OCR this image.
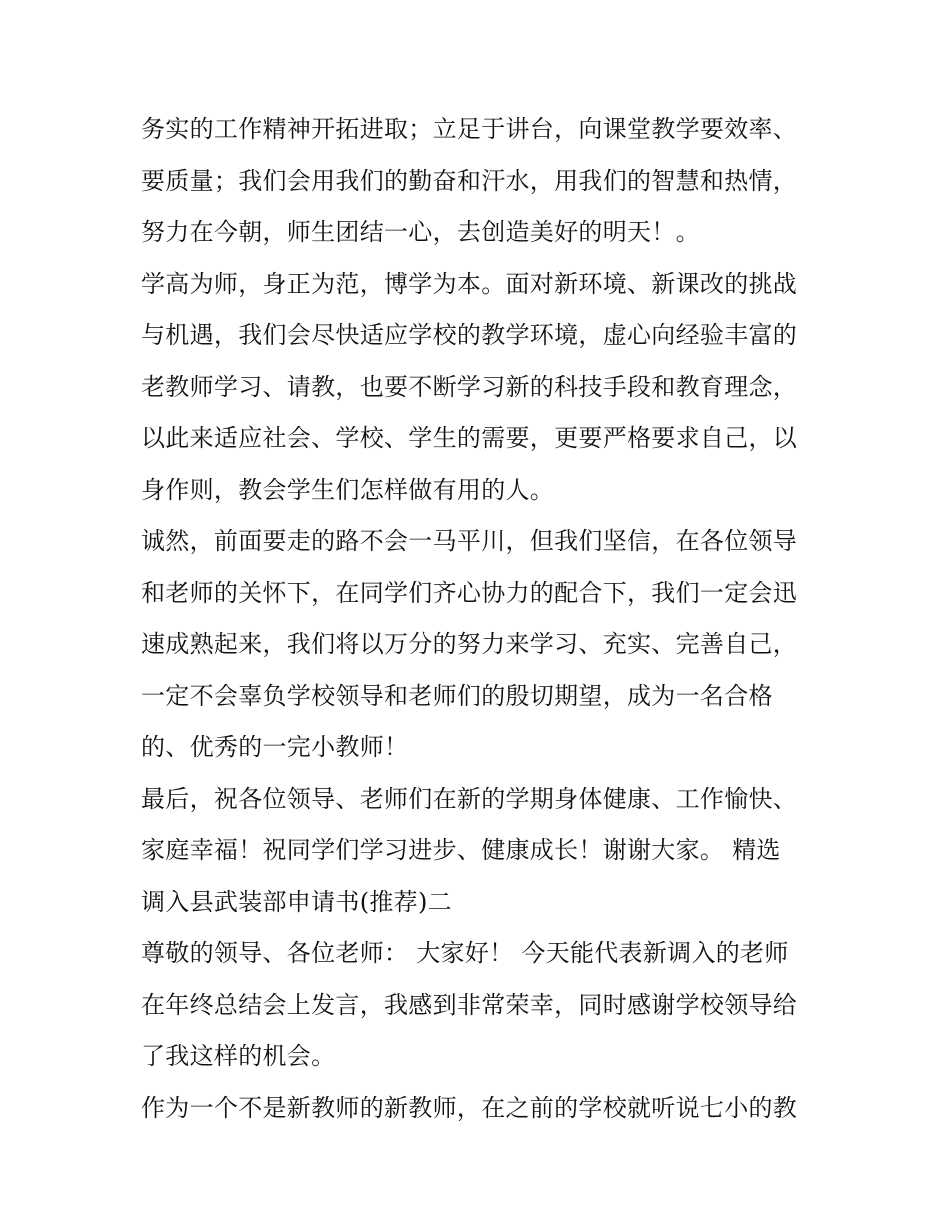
务实的工作精神开拓进取；立足于讲台，向课堂教学要效率、
要质量；我们会用我们的勤奋和汗水，用我们的智慧和热情，
努力在今朝，师生团结一心，去创造美好的明天！。
学高为师，身正为范，博学为本。面对新环境、新课改的挑战
与机遇，我们会尽快适应学校的教学环境，虚心向经验丰富的
老教师学习、请教，也要不断学习新的科技手段和教育理念，
以此来适应社会、学校、学生的需要，更要严格要求自己，以
身作则，教会学生们怎样做有用的人。
诚然，前面要走的路不会一马平川，但我们坚信，在各位领导
和老师的关怀下，在同学们齐心协力的配合下，我们一定会迅
速成熟起来，我们将以万分的努力来学习、充实、完善自己，
一定不会辜负学校领导和老师们的殷切期望，成为一名合格
的、优秀的一完小教师！
最后，祝各位领导、老师们在新的学期身体健康、工作愉快、
家庭幸福！祝同学们学习进步、健康成长！谢谢大家。 精选
调入县武装部申请书(推荐)二
尊敬的领导、各位老师： 大家好！ 今天能代表新调入的老师
在年终总结会上发言，我感到非常荣幸，同时感谢学校领导给
了我这样的机会。
作为一个不是新教师的新教师，在之前的学校就听说七小的教
